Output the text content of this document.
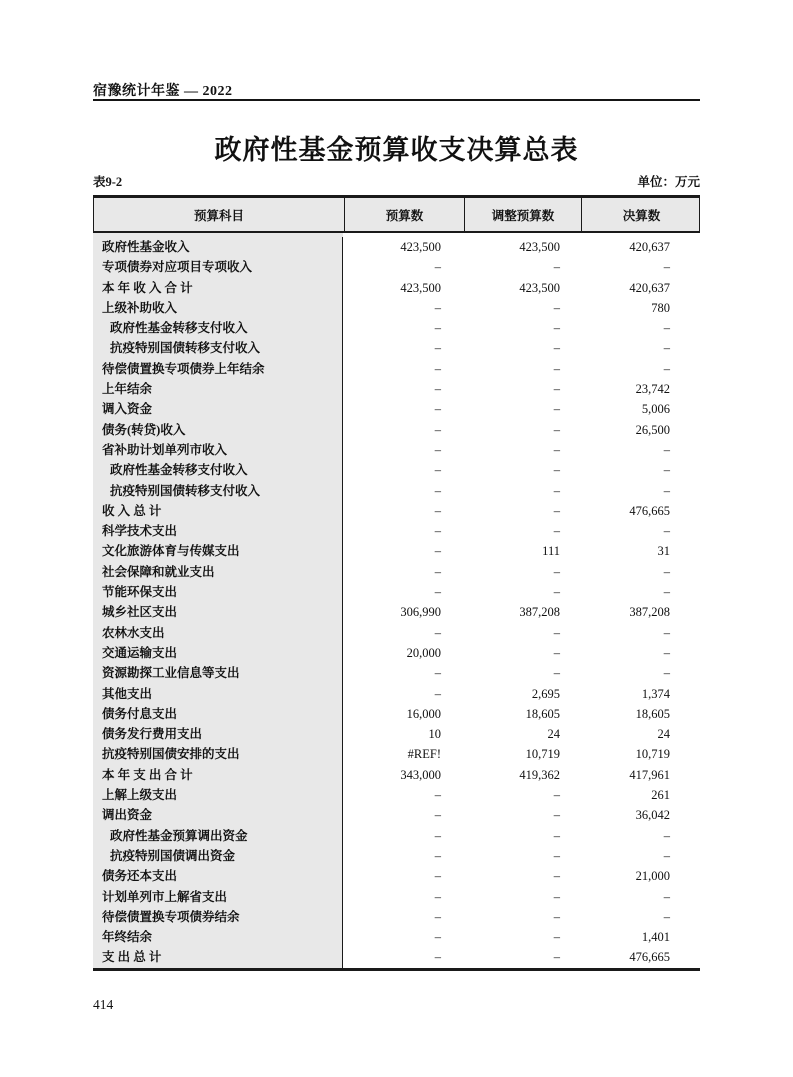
宿豫统计年鉴 — 2022
政府性基金预算收支决算总表
表9-2	单位：万元
预算科目	预算数	调整预算数	决算数
政府性基金收入	423,500	423,500	420,637
专项债券对应项目专项收入	–	–	–
本 年 收 入 合 计	423,500	423,500	420,637
上级补助收入	–	–	780
政府性基金转移支付收入	–	–	–
抗疫特别国债转移支付收入	–	–	–
待偿债置换专项债券上年结余	–	–	–
上年结余	–	–	23,742
调入资金	–	–	5,006
债务(转贷)收入	–	–	26,500
省补助计划单列市收入	–	–	–
政府性基金转移支付收入	–	–	–
抗疫特别国债转移支付收入	–	–	–
收 入 总 计	–	–	476,665
科学技术支出	–	–	–
文化旅游体育与传媒支出	–	111	31
社会保障和就业支出	–	–	–
节能环保支出	–	–	–
城乡社区支出	306,990	387,208	387,208
农林水支出	–	–	–
交通运输支出	20,000	–	–
资源勘探工业信息等支出	–	–	–
其他支出	–	2,695	1,374
债务付息支出	16,000	18,605	18,605
债务发行费用支出	10	24	24
抗疫特别国债安排的支出	#REF!	10,719	10,719
本 年 支 出 合 计	343,000	419,362	417,961
上解上级支出	–	–	261
调出资金	–	–	36,042
政府性基金预算调出资金	–	–	–
抗疫特别国债调出资金	–	–	–
债务还本支出	–	–	21,000
计划单列市上解省支出	–	–	–
待偿债置换专项债券结余	–	–	–
年终结余	–	–	1,401
支 出 总 计	–	–	476,665
414
